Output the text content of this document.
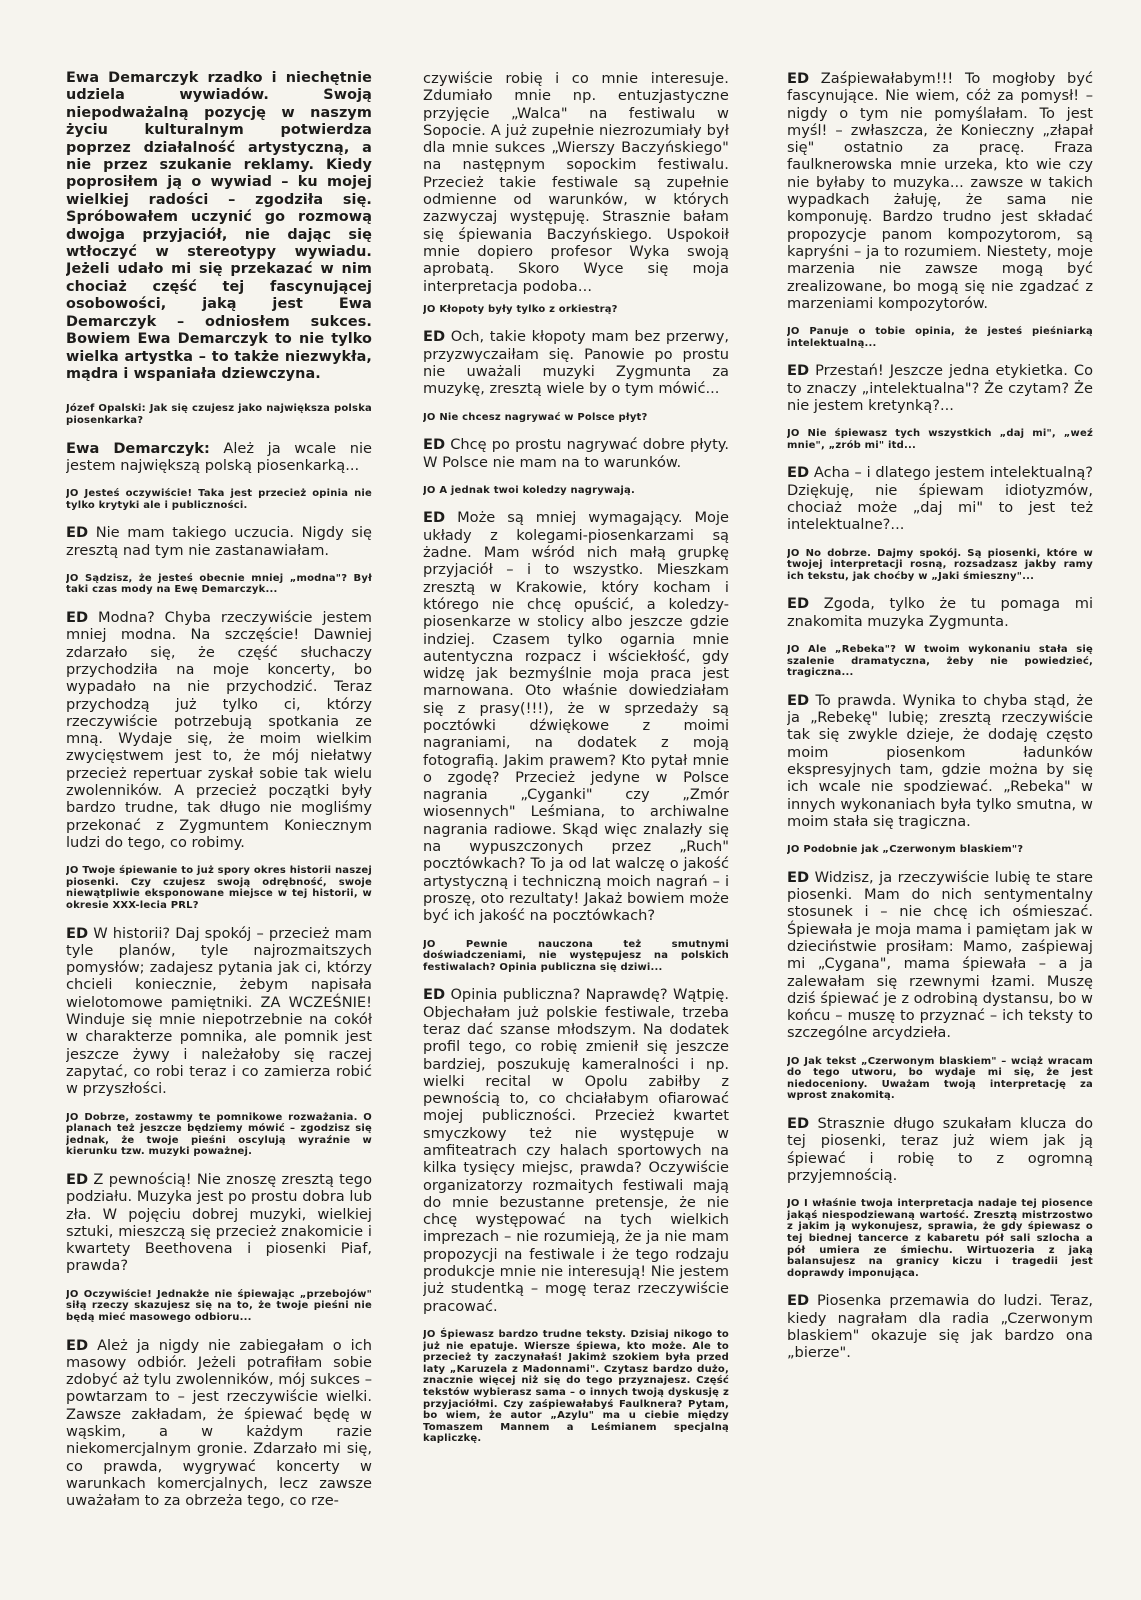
Ewa Demarczyk rzadko i niechętnie udziela wywiadów. Swoją niepodważalną pozycję w naszym życiu kulturalnym potwierdza poprzez działalność artystyczną, a nie przez szukanie reklamy. Kiedy poprosiłem ją o wywiad – ku mojej wielkiej radości – zgodziła się. Spróbowałem uczynić go rozmową dwojga przyjaciół, nie dając się wtłoczyć w stereotypy wywiadu. Jeżeli udało mi się przekazać w nim chociaż część tej fascynującej osobowości, jaką jest Ewa Demarczyk – odniosłem sukces. Bowiem Ewa Demarczyk to nie tylko wielka artystka – to także niezwykła, mądra i wspaniała dziewczyna.

Józef Opalski: Jak się czujesz jako największa polska piosenkarka?

Ewa Demarczyk: Ależ ja wcale nie jestem największą polską piosenkarką...

JO Jesteś oczywiście! Taka jest przecież opinia nie tylko krytyki ale i publiczności.

ED Nie mam takiego uczucia. Nigdy się zresztą nad tym nie zastanawiałam.

JO Sądzisz, że jesteś obecnie mniej „modna"? Był taki czas mody na Ewę Demarczyk...

ED Modna? Chyba rzeczywiście jestem mniej modna. Na szczęście! Dawniej zdarzało się, że część słuchaczy przychodziła na moje koncerty, bo wypadało na nie przychodzić. Teraz przychodzą już tylko ci, którzy rzeczywiście potrzebują spotkania ze mną. Wydaje się, że moim wielkim zwycięstwem jest to, że mój niełatwy przecież repertuar zyskał sobie tak wielu zwolenników. A przecież początki były bardzo trudne, tak długo nie mogliśmy przekonać z Zygmuntem Koniecznym ludzi do tego, co robimy.

JO Twoje śpiewanie to już spory okres historii naszej piosenki. Czy czujesz swoją odrębność, swoje niewątpliwie eksponowane miejsce w tej historii, w okresie XXX-lecia PRL?

ED W historii? Daj spokój – przecież mam tyle planów, tyle najrozmaitszych pomysłów; zadajesz pytania jak ci, którzy chcieli koniecznie, żebym napisała wielotomowe pamiętniki. ZA WCZEŚNIE! Winduje się mnie niepotrzebnie na cokół w charakterze pomnika, ale pomnik jest jeszcze żywy i należałoby się raczej zapytać, co robi teraz i co zamierza robić w przyszłości.

JO Dobrze, zostawmy te pomnikowe rozważania. O planach też jeszcze będziemy mówić – zgodzisz się jednak, że twoje pieśni oscylują wyraźnie w kierunku tzw. muzyki poważnej.

ED Z pewnością! Nie znoszę zresztą tego podziału. Muzyka jest po prostu dobra lub zła. W pojęciu dobrej muzyki, wielkiej sztuki, mieszczą się przecież znakomicie i kwartety Beethovena i piosenki Piaf, prawda?

JO Oczywiście! Jednakże nie śpiewając „przebojów" siłą rzeczy skazujesz się na to, że twoje pieśni nie będą mieć masowego odbioru...

ED Ależ ja nigdy nie zabiegałam o ich masowy odbiór. Jeżeli potrafiłam sobie zdobyć aż tylu zwolenników, mój sukces – powtarzam to – jest rzeczywiście wielki. Zawsze zakładam, że śpiewać będę w wąskim, a w każdym razie niekomercjalnym gronie. Zdarzało mi się, co prawda, wygrywać koncerty w warunkach komercjalnych, lecz zawsze uważałam to za obrzeża tego, co rze-

czywiście robię i co mnie interesuje. Zdumiało mnie np. entuzjastyczne przyjęcie „Walca" na festiwalu w Sopocie. A już zupełnie niezrozumiały był dla mnie sukces „Wierszy Baczyńskiego" na następnym sopockim festiwalu. Przecież takie festiwale są zupełnie odmienne od warunków, w których zazwyczaj występuję. Strasznie bałam się śpiewania Baczyńskiego. Uspokoił mnie dopiero profesor Wyka swoją aprobatą. Skoro Wyce się moja interpretacja podoba...

JO Kłopoty były tylko z orkiestrą?

ED Och, takie kłopoty mam bez przerwy, przyzwyczaiłam się. Panowie po prostu nie uważali muzyki Zygmunta za muzykę, zresztą wiele by o tym mówić...

JO Nie chcesz nagrywać w Polsce płyt?

ED Chcę po prostu nagrywać dobre płyty. W Polsce nie mam na to warunków.

JO A jednak twoi koledzy nagrywają.

ED Może są mniej wymagający. Moje układy z kolegami-piosenkarzami są żadne. Mam wśród nich małą grupkę przyjaciół – i to wszystko. Mieszkam zresztą w Krakowie, który kocham i którego nie chcę opuścić, a koledzy-piosenkarze w stolicy albo jeszcze gdzie indziej. Czasem tylko ogarnia mnie autentyczna rozpacz i wściekłość, gdy widzę jak bezmyślnie moja praca jest marnowana. Oto właśnie dowiedziałam się z prasy(!!!), że w sprzedaży są pocztówki dźwiękowe z moimi nagraniami, na dodatek z moją fotografią. Jakim prawem? Kto pytał mnie o zgodę? Przecież jedyne w Polsce nagrania „Cyganki" czy „Zmór wiosennych" Leśmiana, to archiwalne nagrania radiowe. Skąd więc znalazły się na wypuszczonych przez „Ruch" pocztówkach? To ja od lat walczę o jakość artystyczną i techniczną moich nagrań – i proszę, oto rezultaty! Jakaż bowiem może być ich jakość na pocztówkach?

JO	Pewnie nauczona też smutnymi doświadczeniami, nie występujesz na polskich festiwalach? Opinia publiczna się dziwi...

ED Opinia publiczna? Naprawdę? Wątpię. Objechałam już polskie festiwale, trzeba teraz dać szanse młodszym. Na dodatek profil tego, co robię zmienił się jeszcze bardziej, poszukuję kameralności i np. wielki recital w Opolu zabiłby z pewnością to, co chciałabym ofiarować mojej publiczności. Przecież kwartet smyczkowy też nie występuje w amfiteatrach czy halach sportowych na kilka tysięcy miejsc, prawda? Oczywiście organizatorzy rozmaitych festiwali mają do mnie bezustanne pretensje, że nie chcę występować na tych wielkich imprezach – nie rozumieją, że ja nie mam propozycji na festiwale i że tego rodzaju produkcje mnie nie interesują! Nie jestem już studentką – mogę teraz rzeczywiście pracować.

JO Śpiewasz bardzo trudne teksty. Dzisiaj nikogo to już nie epatuje. Wiersze śpiewa, kto może. Ale to przecież ty zaczynałaś! Jakimż szokiem była przed laty „Karuzela z Madonnami". Czytasz bardzo dużo, znacznie więcej niż się do tego przyznajesz. Część tekstów wybierasz sama – o innych twoją dyskusję z przyjaciółmi. Czy zaśpiewałabyś Faulknera? Pytam, bo wiem, że autor „Azylu" ma u ciebie między Tomaszem Mannem a Leśmianem specjalną kapliczkę.

ED Zaśpiewałabym!!! To mogłoby być fascynujące. Nie wiem, cóż za pomysł! – nigdy o tym nie pomyślałam. To jest myśl! – zwłaszcza, że Konieczny „złapał się" ostatnio za pracę. Fraza faulknerowska mnie urzeka, kto wie czy nie byłaby to muzyka... zawsze w takich wypadkach żałuję, że sama nie komponuję. Bardzo trudno jest składać propozycje panom kompozytorom, są kapryśni – ja to rozumiem. Niestety, moje marzenia nie zawsze mogą być zrealizowane, bo mogą się nie zgadzać z marzeniami kompozytorów.

JO Panuje o tobie opinia, że jesteś pieśniarką intelektualną...

ED Przestań! Jeszcze jedna etykietka. Co to znaczy „intelektualna"? Że czytam? Że nie jestem kretynką?...

JO Nie śpiewasz tych wszystkich „daj mi", „weź mnie", „zrób mi" itd...

ED Acha – i dlatego jestem intelektualną? Dziękuję, nie śpiewam idiotyzmów, chociaż może „daj mi" to jest też intelektualne?...

JO No dobrze. Dajmy spokój. Są piosenki, które w twojej interpretacji rosną, rozsadzasz jakby ramy ich tekstu, jak choćby w „Jaki śmieszny"...

ED Zgoda, tylko że tu pomaga mi znakomita muzyka Zygmunta.

JO Ale „Rebeka"? W twoim wykonaniu stała się szalenie dramatyczna, żeby nie powiedzieć, tragiczna...

ED To prawda. Wynika to chyba stąd, że ja „Rebekę" lubię; zresztą rzeczywiście tak się zwykle dzieje, że dodaję często moim piosenkom ładunków ekspresyjnych tam, gdzie można by się ich wcale nie spodziewać. „Rebeka" w innych wykonaniach była tylko smutna, w moim stała się tragiczna.

JO Podobnie jak „Czerwonym blaskiem"?

ED Widzisz, ja rzeczywiście lubię te stare piosenki. Mam do nich sentymentalny stosunek i – nie chcę ich ośmieszać. Śpiewała je moja mama i pamiętam jak w dzieciństwie prosiłam: Mamo, zaśpiewaj mi „Cygana", mama śpiewała – a ja zalewałam się rzewnymi łzami. Muszę dziś śpiewać je z odrobiną dystansu, bo w końcu – muszę to przyznać – ich teksty to szczególne arcydzieła.

JO Jak tekst „Czerwonym blaskiem" – wciąż wracam do tego utworu, bo wydaje mi się, że jest niedoceniony. Uważam twoją interpretację za wprost znakomitą.

ED Strasznie długo szukałam klucza do tej piosenki, teraz już wiem jak ją śpiewać i robię to z ogromną przyjemnością.

JO I właśnie twoja interpretacja nadaje tej piosence jakąś niespodziewaną wartość. Zresztą mistrzostwo z jakim ją wykonujesz, sprawia, że gdy śpiewasz o tej biednej tancerce z kabaretu pół sali szlocha a pół umiera ze śmiechu. Wirtuozeria z jaką balansujesz na granicy kiczu i tragedii jest doprawdy imponująca.

ED Piosenka przemawia do ludzi. Teraz, kiedy nagrałam dla radia „Czerwonym blaskiem" okazuje się jak bardzo ona „bierze".
